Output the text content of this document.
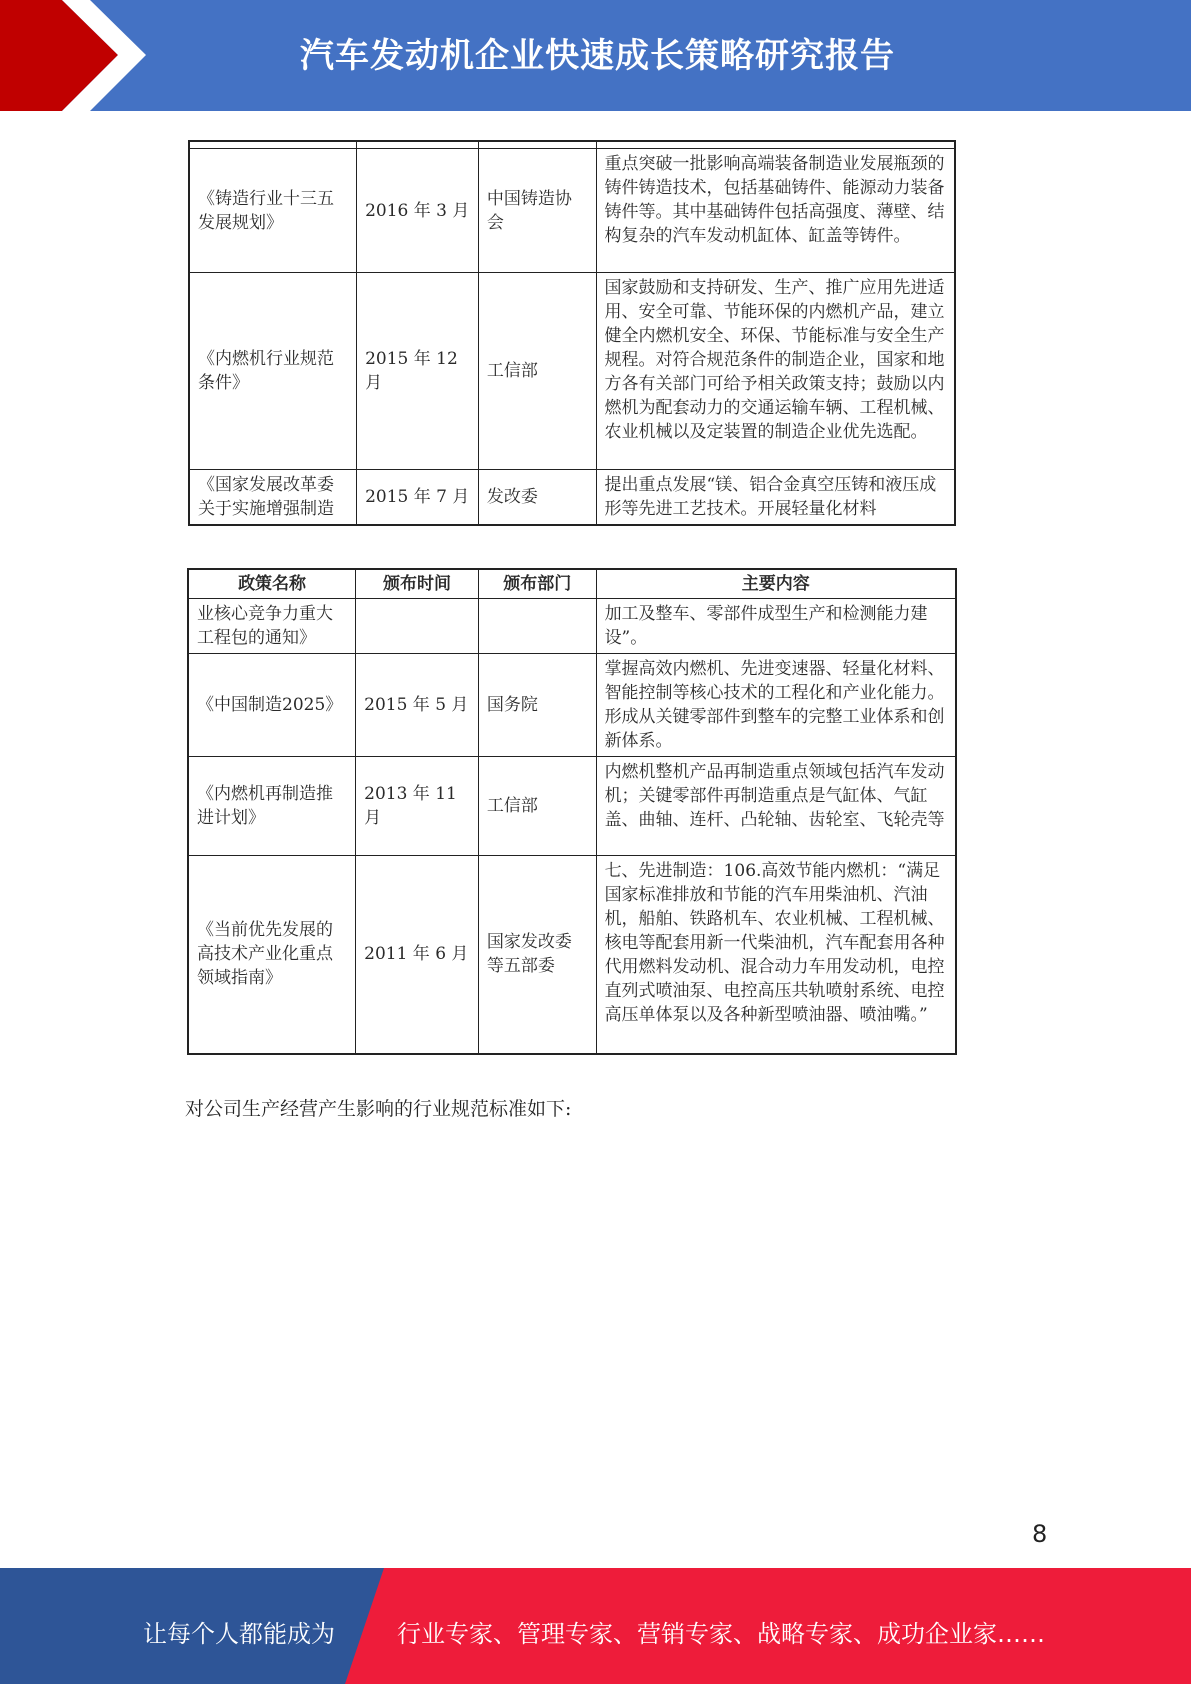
汽车发动机企业快速成长策略研究报告

《铸造行业十三五发展规划》	2016 年 3 月	中国铸造协会	重点突破一批影响高端装备制造业发展瓶颈的铸件铸造技术，包括基础铸件、能源动力装备铸件等。其中基础铸件包括高强度、薄壁、结构复杂的汽车发动机缸体、缸盖等铸件。
《内燃机行业规范条件》	2015 年 12 月	工信部	国家鼓励和支持研发、生产、推广应用先进适用、安全可靠、节能环保的内燃机产品，建立健全内燃机安全、环保、节能标准与安全生产规程。对符合规范条件的制造企业，国家和地方各有关部门可给予相关政策支持；鼓励以内燃机为配套动力的交通运输车辆、工程机械、农业机械以及定装置的制造企业优先选配。
《国家发展改革委关于实施增强制造	2015 年 7 月	发改委	提出重点发展“镁、铝合金真空压铸和液压成形等先进工艺技术。开展轻量化材料
政策名称	颁布时间	颁布部门	主要内容
业核心竞争力重大工程包的通知》			加工及整车、零部件成型生产和检测能力建设”。
《中国制造2025》	2015 年 5 月	国务院	掌握高效内燃机、先进变速器、轻量化材料、智能控制等核心技术的工程化和产业化能力。形成从关键零部件到整车的完整工业体系和创新体系。
《内燃机再制造推进计划》	2013 年 11 月	工信部	内燃机整机产品再制造重点领域包括汽车发动机；关键零部件再制造重点是气缸体、气缸盖、曲轴、连杆、凸轮轴、齿轮室、飞轮壳等
《当前优先发展的高技术产业化重点领域指南》	2011 年 6 月	国家发改委等五部委	七、先进制造：106.高效节能内燃机：“满足国家标准排放和节能的汽车用柴油机、汽油机，船舶、铁路机车、农业机械、工程机械、核电等配套用新一代柴油机，汽车配套用各种代用燃料发动机、混合动力车用发动机，电控直列式喷油泵、电控高压共轨喷射系统、电控高压单体泵以及各种新型喷油器、喷油嘴。”
对公司生产经营产生影响的行业规范标准如下:
8
让每个人都能成为	行业专家、管理专家、营销专家、战略专家、成功企业家……
